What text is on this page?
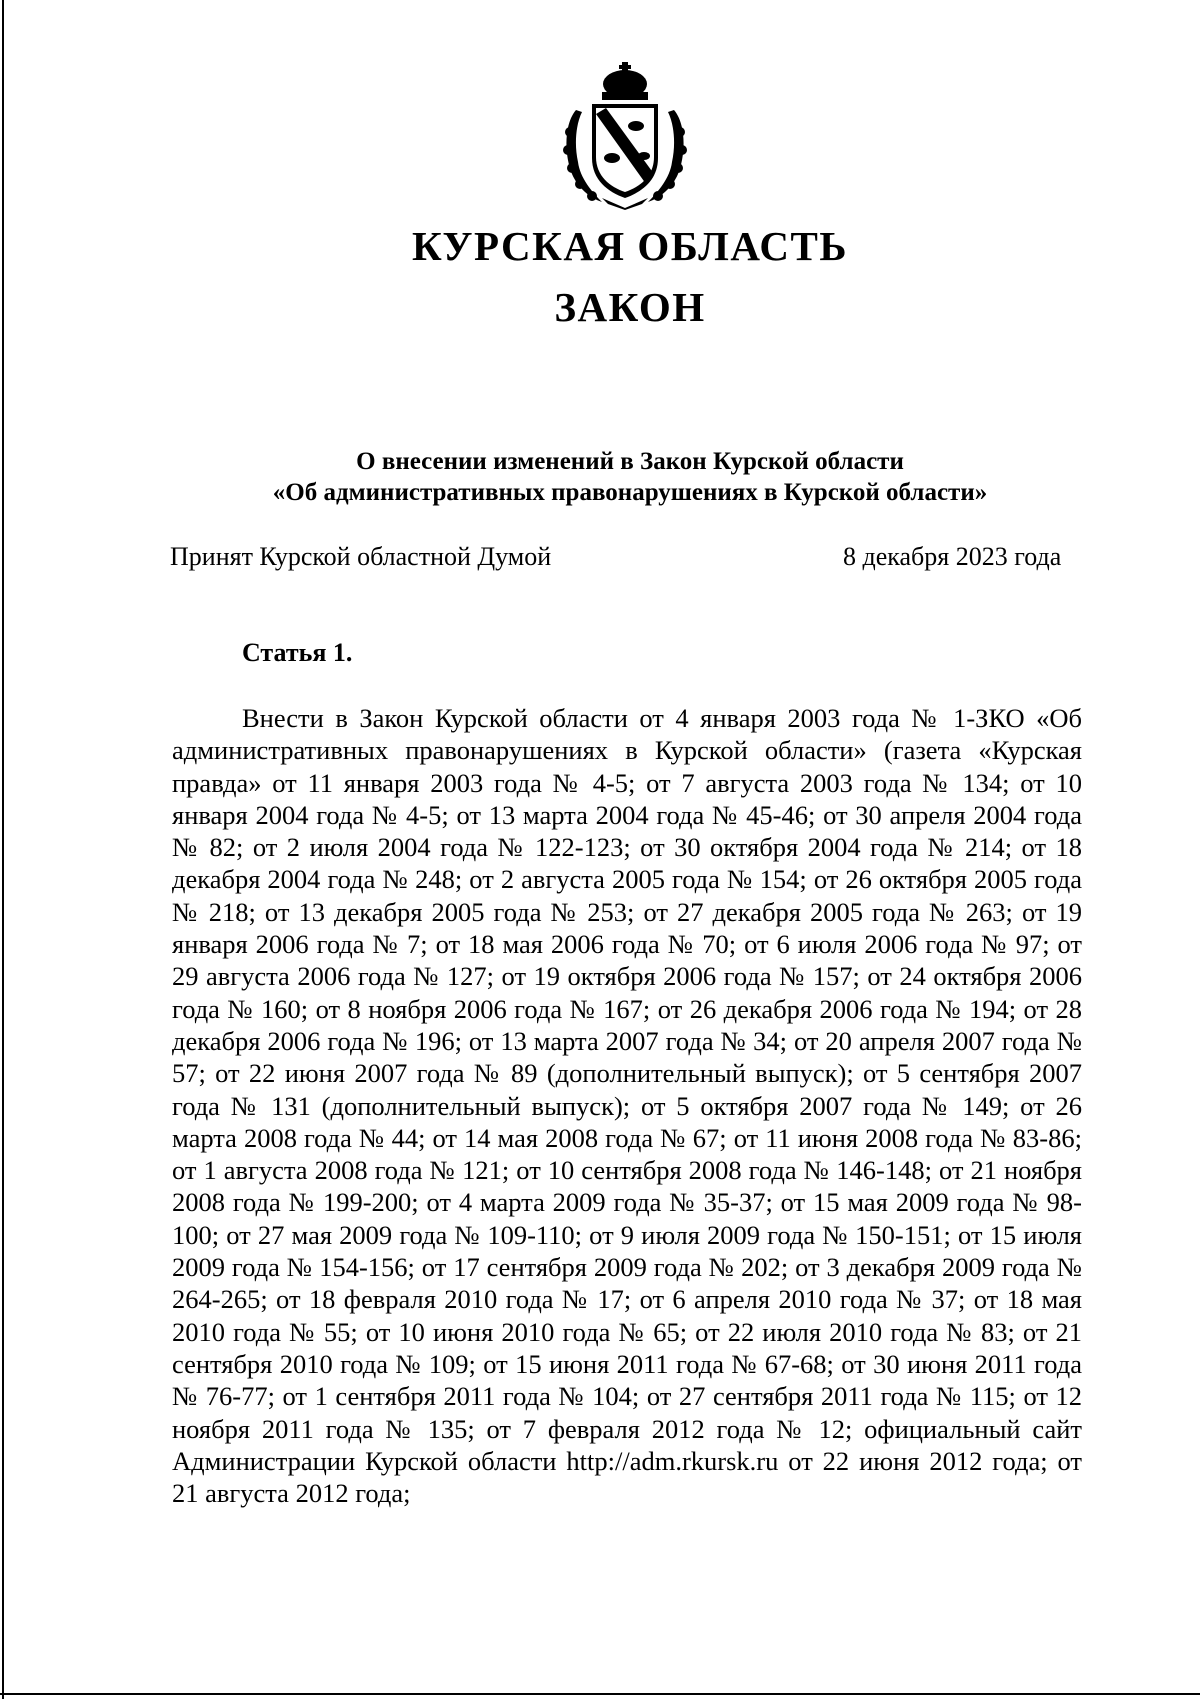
КУРСКАЯ ОБЛАСТЬ
ЗАКОН
О внесении изменений в Закон Курской области
«Об административных правонарушениях в Курской области»
Принят Курской областной Думой	8 декабря 2023 года
Статья 1.

Внести в Закон Курской области от 4 января 2003 года № 1-ЗКО «Об административных правонарушениях в Курской области» (газета «Курская правда» от 11 января 2003 года № 4-5; от 7 августа 2003 года № 134; от 10 января 2004 года № 4-5; от 13 марта 2004 года № 45-46; от 30 апреля 2004 года № 82; от 2 июля 2004 года № 122-123; от 30 октября 2004 года № 214; от 18 декабря 2004 года № 248; от 2 августа 2005 года № 154; от 26 октября 2005 года № 218; от 13 декабря 2005 года № 253; от 27 декабря 2005 года № 263; от 19 января 2006 года № 7; от 18 мая 2006 года № 70; от 6 июля 2006 года № 97; от 29 августа 2006 года № 127; от 19 октября 2006 года № 157; от 24 октября 2006 года № 160; от 8 ноября 2006 года № 167; от 26 декабря 2006 года № 194; от 28 декабря 2006 года № 196; от 13 марта 2007 года № 34; от 20 апреля 2007 года № 57; от 22 июня 2007 года № 89 (дополнительный выпуск); от 5 сентября 2007 года № 131 (дополнительный выпуск); от 5 октября 2007 года № 149; от 26 марта 2008 года № 44; от 14 мая 2008 года № 67; от 11 июня 2008 года № 83-86; от 1 августа 2008 года № 121; от 10 сентября 2008 года № 146-148; от 21 ноября 2008 года № 199-200; от 4 марта 2009 года № 35-37; от 15 мая 2009 года № 98-100; от 27 мая 2009 года № 109-110; от 9 июля 2009 года № 150-151; от 15 июля 2009 года № 154-156; от 17 сентября 2009 года № 202; от 3 декабря 2009 года № 264-265; от 18 февраля 2010 года № 17; от 6 апреля 2010 года № 37; от 18 мая 2010 года № 55; от 10 июня 2010 года № 65; от 22 июля 2010 года № 83; от 21 сентября 2010 года № 109; от 15 июня 2011 года № 67-68; от 30 июня 2011 года № 76-77; от 1 сентября 2011 года № 104; от 27 сентября 2011 года № 115; от 12 ноября 2011 года № 135; от 7 февраля 2012 года № 12; официальный сайт Администрации Курской области http://adm.rkursk.ru от 22 июня 2012 года; от 21 августа 2012 года;
